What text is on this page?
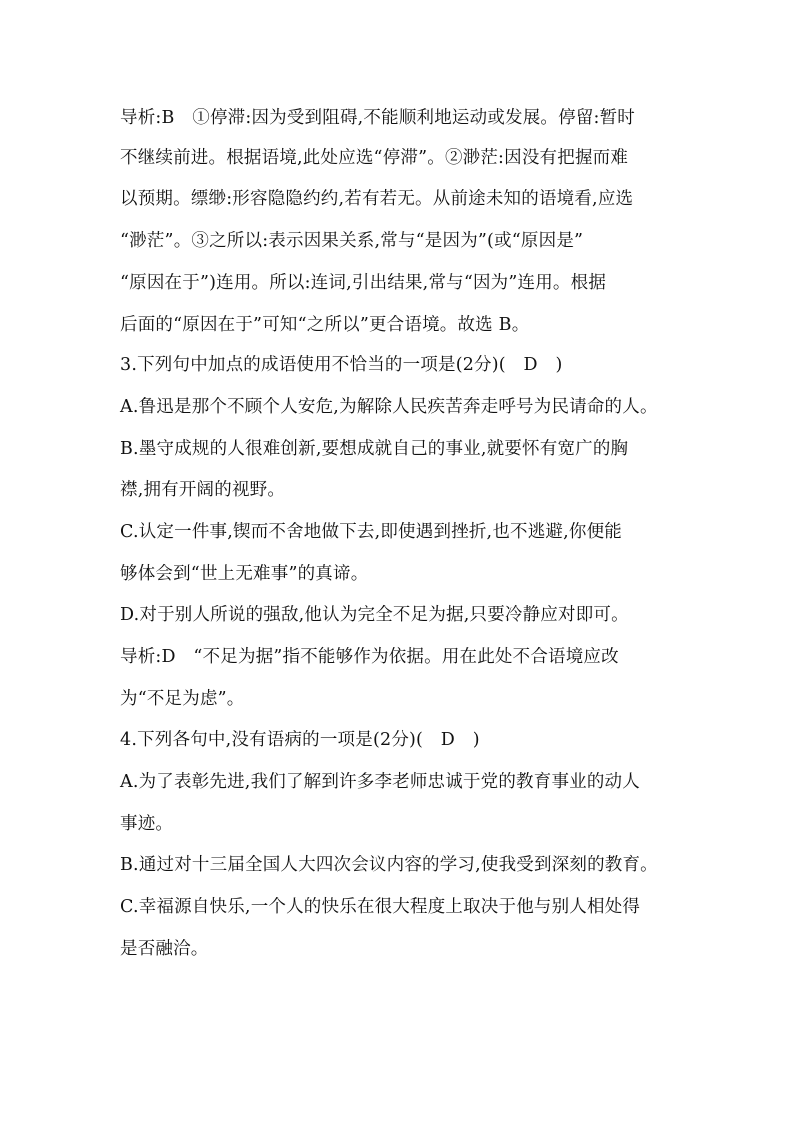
导析:B　①停滞:因为受到阻碍,不能顺利地运动或发展。停留:暂时
不继续前进。根据语境,此处应选“停滞”。②渺茫:因没有把握而难
以预期。缥缈:形容隐隐约约,若有若无。从前途未知的语境看,应选
“渺茫”。③之所以:表示因果关系,常与“是因为”(或“原因是”
“原因在于”)连用。所以:连词,引出结果,常与“因为”连用。根据
后面的“原因在于”可知“之所以”更合语境。故选 B。
3.下列句中加点的成语使用不恰当的一项是(2分)(　D　)
A.鲁迅是那个不顾个人安危,为解除人民疾苦奔走呼号为民请命的人。
B.墨守成规的人很难创新,要想成就自己的事业,就要怀有宽广的胸
襟,拥有开阔的视野。
C.认定一件事,锲而不舍地做下去,即使遇到挫折,也不逃避,你便能
够体会到“世上无难事”的真谛。
D.对于别人所说的强敌,他认为完全不足为据,只要冷静应对即可。
导析:D　“不足为据”指不能够作为依据。用在此处不合语境应改
为“不足为虑”。
4.下列各句中,没有语病的一项是(2分)(　D　)
A.为了表彰先进,我们了解到许多李老师忠诚于党的教育事业的动人
事迹。
B.通过对十三届全国人大四次会议内容的学习,使我受到深刻的教育。
C.幸福源自快乐,一个人的快乐在很大程度上取决于他与别人相处得
是否融洽。
